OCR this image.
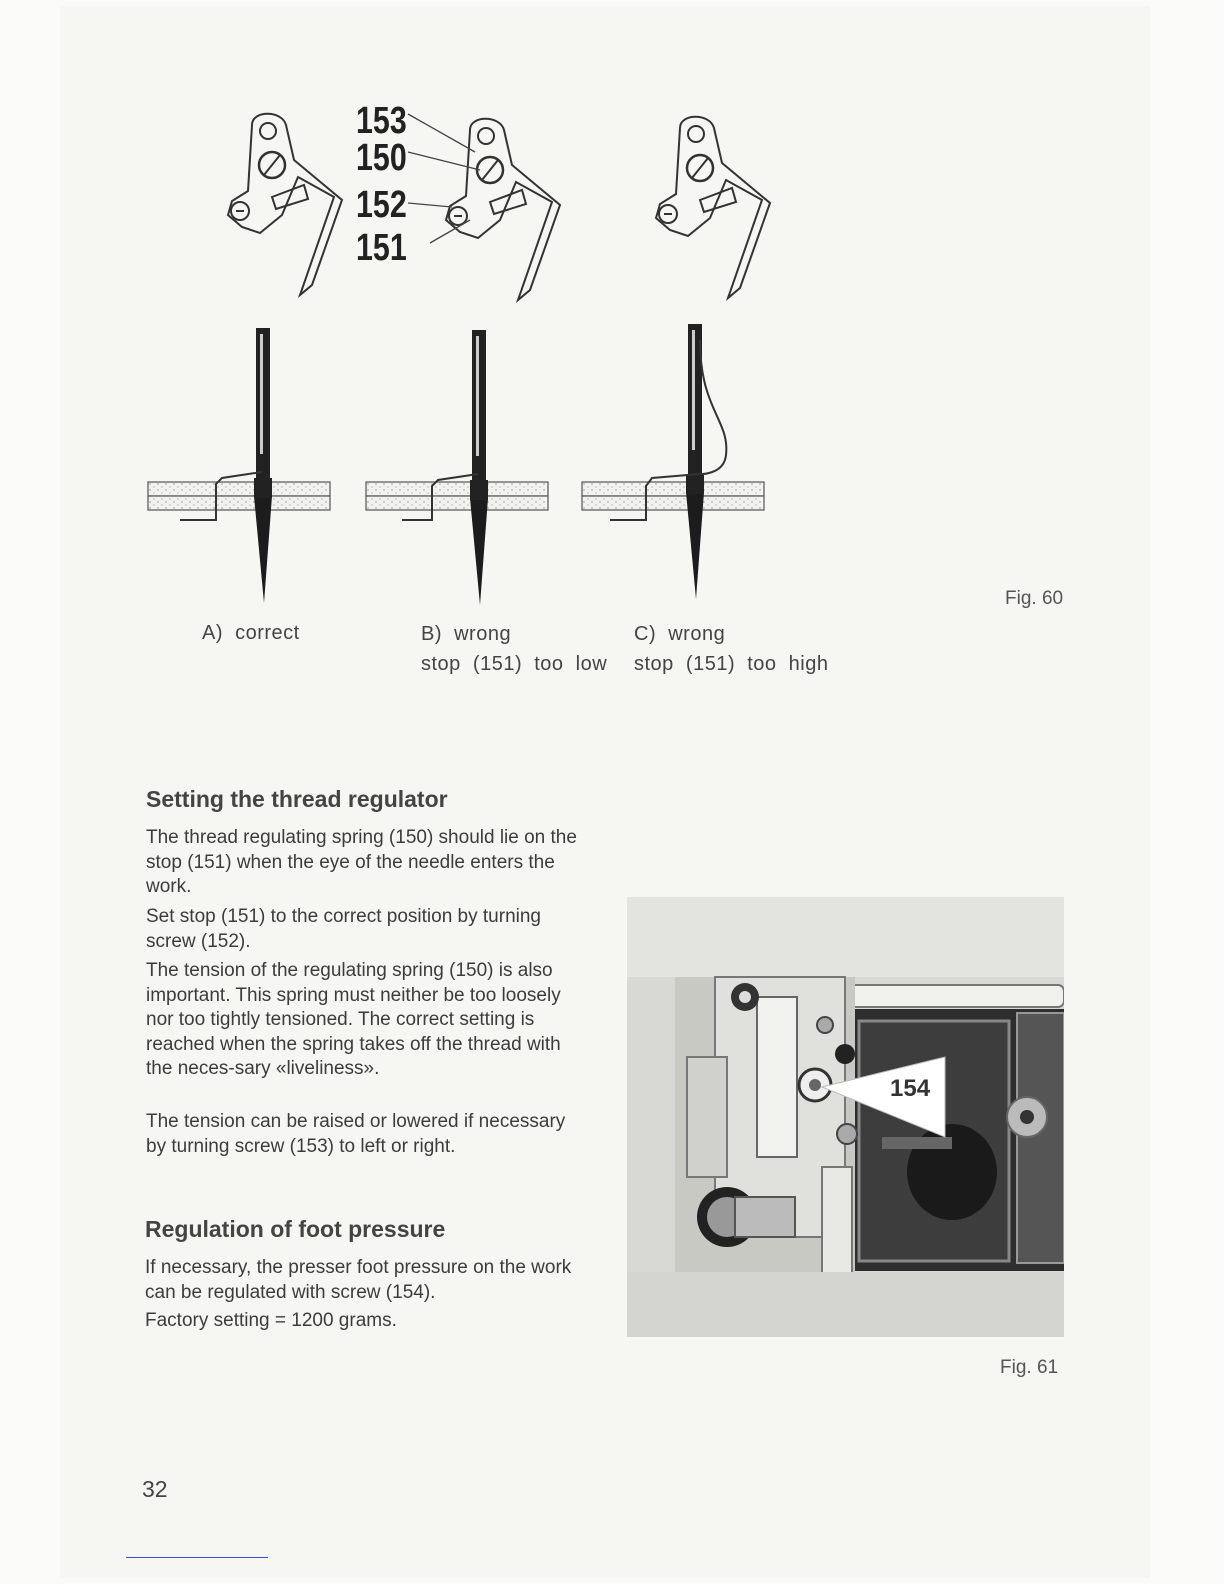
153
150
152
151
A)  correct	B)  wrong
stop  (151)  too  low
C)  wrong
stop  (151)  too  high
Fig. 60
Setting the thread regulator

The thread regulating spring (150) should lie on the stop (151) when the eye of the needle enters the work.

Set stop (151) to the correct position by turning screw (152).

The tension of the regulating spring (150) is also important. This spring must neither be too loosely nor too tightly tensioned. The correct setting is reached when the spring takes off the thread with the neces-sary «liveliness».

The tension can be raised or lowered if necessary by turning screw (153) to left or right.

Regulation of foot pressure

If necessary, the presser foot pressure on the work can be regulated with screw (154).

Factory setting = 1200 grams.

154
Fig. 61
32
